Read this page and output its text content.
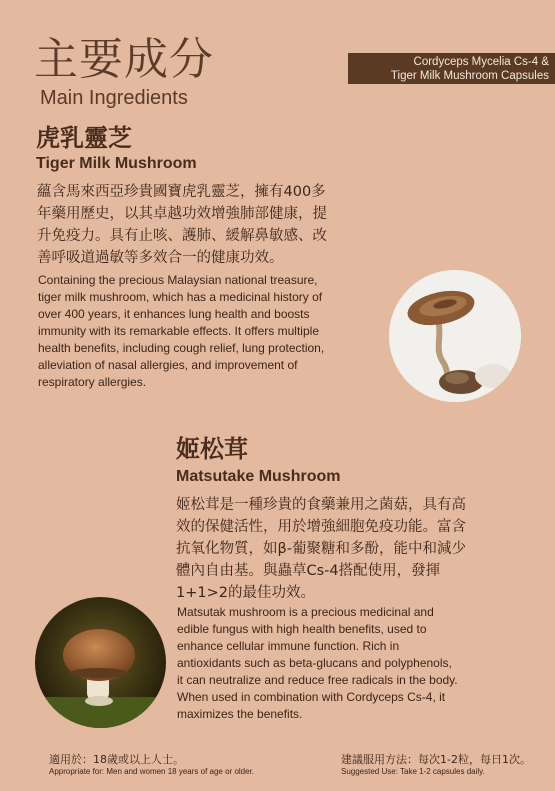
主要成分
Main Ingredients
Cordyceps Mycelia Cs-4 &
Tiger Milk Mushroom Capsules
虎乳靈芝
Tiger Milk Mushroom
蘊含馬來西亞珍貴國寶虎乳靈芝，擁有400多
年藥用歷史，以其卓越功效增強肺部健康，提
升免疫力。具有止咳、護肺、緩解鼻敏感、改
善呼吸道過敏等多效合一的健康功效。
Containing the precious Malaysian national treasure,
tiger milk mushroom, which has a medicinal history of
over 400 years, it enhances lung health and boosts
immunity with its remarkable effects. It offers multiple
health benefits, including cough relief, lung protection,
alleviation of nasal allergies, and improvement of
respiratory allergies.
姬松茸
Matsutake Mushroom
姬松茸是一種珍貴的食藥兼用之菌菇，具有高
效的保健活性，用於增強細胞免疫功能。富含
抗氧化物質，如β-葡聚糖和多酚，能中和減少
體內自由基。與蟲草Cs-4搭配使用，發揮
1+1>2的最佳功效。
Matsutak mushroom is a precious medicinal and
edible fungus with high health benefits, used to
enhance cellular immune function. Rich in
antioxidants such as beta-glucans and polyphenols,
it can neutralize and reduce free radicals in the body.
When used in combination with Cordyceps Cs-4, it
maximizes the benefits.
適用於：18歲或以上人士。
Appropriate for: Men and women 18 years of age or older.
建議服用方法：每次1-2粒，每日1次。
Suggested Use: Take 1-2 capsules daily.
